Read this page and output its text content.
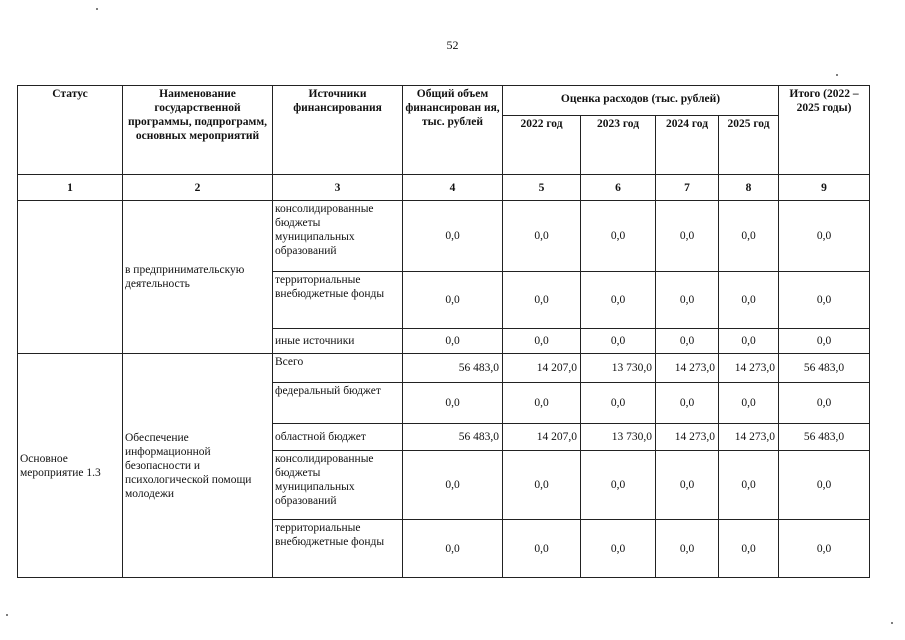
52
Статус	Наименование государственной программы, подпрограмм, основных мероприятий	Источники финансирования	Общий объем финансирован ия, тыс. рублей	Оценка расходов (тыс. рублей)				Итого (2022 – 2025 годы)
				2022 год	2023 год	2024 год	2025 год	
1	2	3	4	5	6	7	8	9
	в предпринимательскую деятельность	консолидированные бюджеты муниципальных образований	0,0	0,0	0,0	0,0	0,0	0,0
		территориальные внебюджетные фонды	0,0	0,0	0,0	0,0	0,0	0,0
		иные источники	0,0	0,0	0,0	0,0	0,0	0,0
Основное мероприятие 1.3	Обеспечение информационной безопасности и психологической помощи молодежи	Всего	56 483,0	14 207,0	13 730,0	14 273,0	14 273,0	56 483,0
		федеральный бюджет	0,0	0,0	0,0	0,0	0,0	0,0
		областной бюджет	56 483,0	14 207,0	13 730,0	14 273,0	14 273,0	56 483,0
		консолидированные бюджеты муниципальных образований	0,0	0,0	0,0	0,0	0,0	0,0
		территориальные внебюджетные фонды	0,0	0,0	0,0	0,0	0,0	0,0
